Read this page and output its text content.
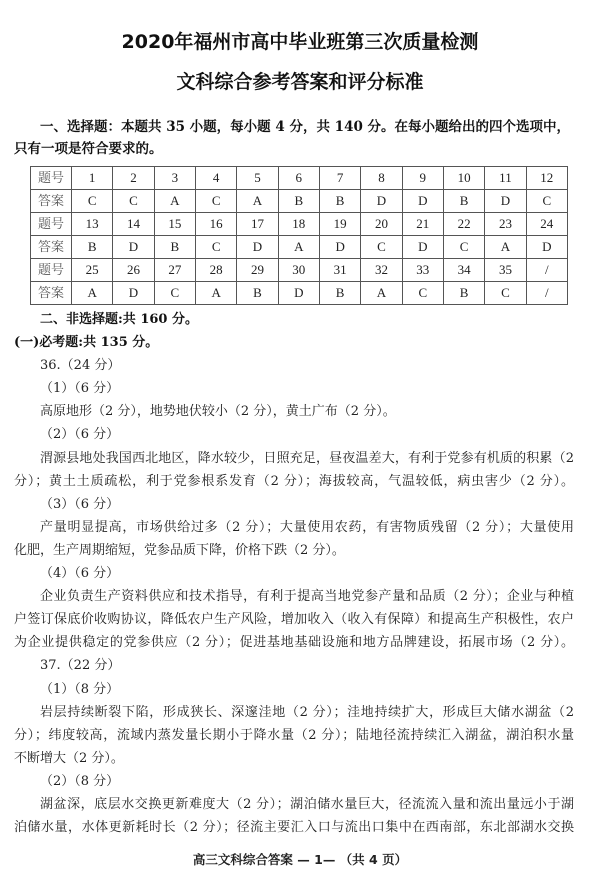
2020年福州市高中毕业班第三次质量检测
文科综合参考答案和评分标准
一、选择题：本题共 35 小题，每小题 4 分，共 140 分。在每小题给出的四个选项中，只有一项是符合要求的。
题号	1	2	3	4	5	6	7	8	9	10	11	12
答案	C	C	A	C	A	B	B	D	D	B	D	C
题号	13	14	15	16	17	18	19	20	21	22	23	24
答案	B	D	B	C	D	A	D	C	D	C	A	D
题号	25	26	27	28	29	30	31	32	33	34	35	/
答案	A	D	C	A	B	D	B	A	C	B	C	/
二、非选择题:共 160 分。
(一)必考题:共 135 分。
36.（24 分）
（1）（6 分）
高原地形（2 分），地势地伏较小（2 分），黄土广布（2 分）。
（2）（6 分）
渭源县地处我国西北地区，降水较少，日照充足，昼夜温差大，有利于党参有机质的积累（2
分）；黄土土质疏松，利于党参根系发育（2 分）；海拔较高，气温较低，病虫害少（2 分）。
（3）（6 分）
产量明显提高，市场供给过多（2 分）；大量使用农药，有害物质残留（2 分）；大量使用
化肥，生产周期缩短，党参品质下降，价格下跌（2 分）。
（4）（6 分）
企业负责生产资料供应和技术指导，有利于提高当地党参产量和品质（2 分）；企业与种植
户签订保底价收购协议，降低农户生产风险，增加收入（收入有保障）和提高生产积极性，农户
为企业提供稳定的党参供应（2 分）；促进基地基础设施和地方品牌建设，拓展市场（2 分）。
37.（22 分）
（1）（8 分）
岩层持续断裂下陷，形成狭长、深邃洼地（2 分）；洼地持续扩大，形成巨大储水湖盆（2
分）；纬度较高，流域内蒸发量长期小于降水量（2 分）；陆地径流持续汇入湖盆，湖泊积水量
不断增大（2 分）。
（2）（8 分）
湖盆深，底层水交换更新难度大（2 分）；湖泊储水量巨大，径流流入量和流出量远小于湖
泊储水量，水体更新耗时长（2 分）；径流主要汇入口与流出口集中在西南部，东北部湖水交换
高三文科综合答案 — 1— （共 4 页）
